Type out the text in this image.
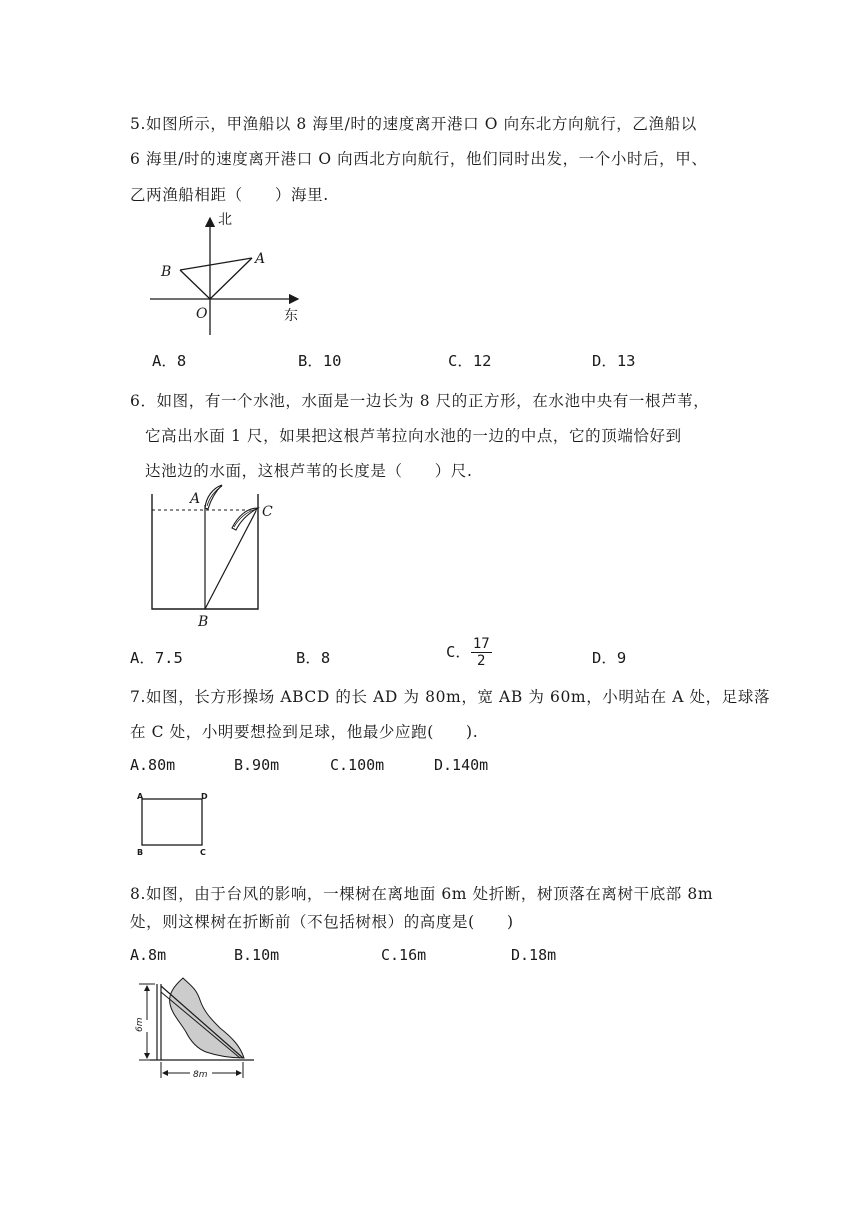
5.如图所示，甲渔船以 8 海里/时的速度离开港口 O 向东北方向航行，乙渔船以
6 海里/时的速度离开港口 O 向西北方向航行，他们同时出发，一个小时后，甲、
乙两渔船相距（　　）海里.
北
东
A
B
O
A．8	B．10	C．12	D．13
6．如图，有一个水池，水面是一边长为 8 尺的正方形，在水池中央有一根芦苇，
它高出水面 1 尺，如果把这根芦苇拉向水池的一边的中点，它的顶端恰好到
达池边的水面，这根芦苇的长度是（　　）尺.
A
B
C
A．7.5	B．8	C． $\frac{17}{2}$	D．9
7.如图，长方形操场 ABCD 的长 AD 为 80m，宽 AB 为 60m，小明站在 A 处，足球落
在 C 处，小明要想捡到足球，他最少应跑(　　).
A.80m	B.90m	C.100m	D.140m
A	D
B	C
8.如图，由于台风的影响，一棵树在离地面 6m 处折断，树顶落在离树干底部 8m
处，则这棵树在折断前（不包括树根）的高度是(　　)
A.8m	B.10m	C.16m	D.18m
6m
8m
